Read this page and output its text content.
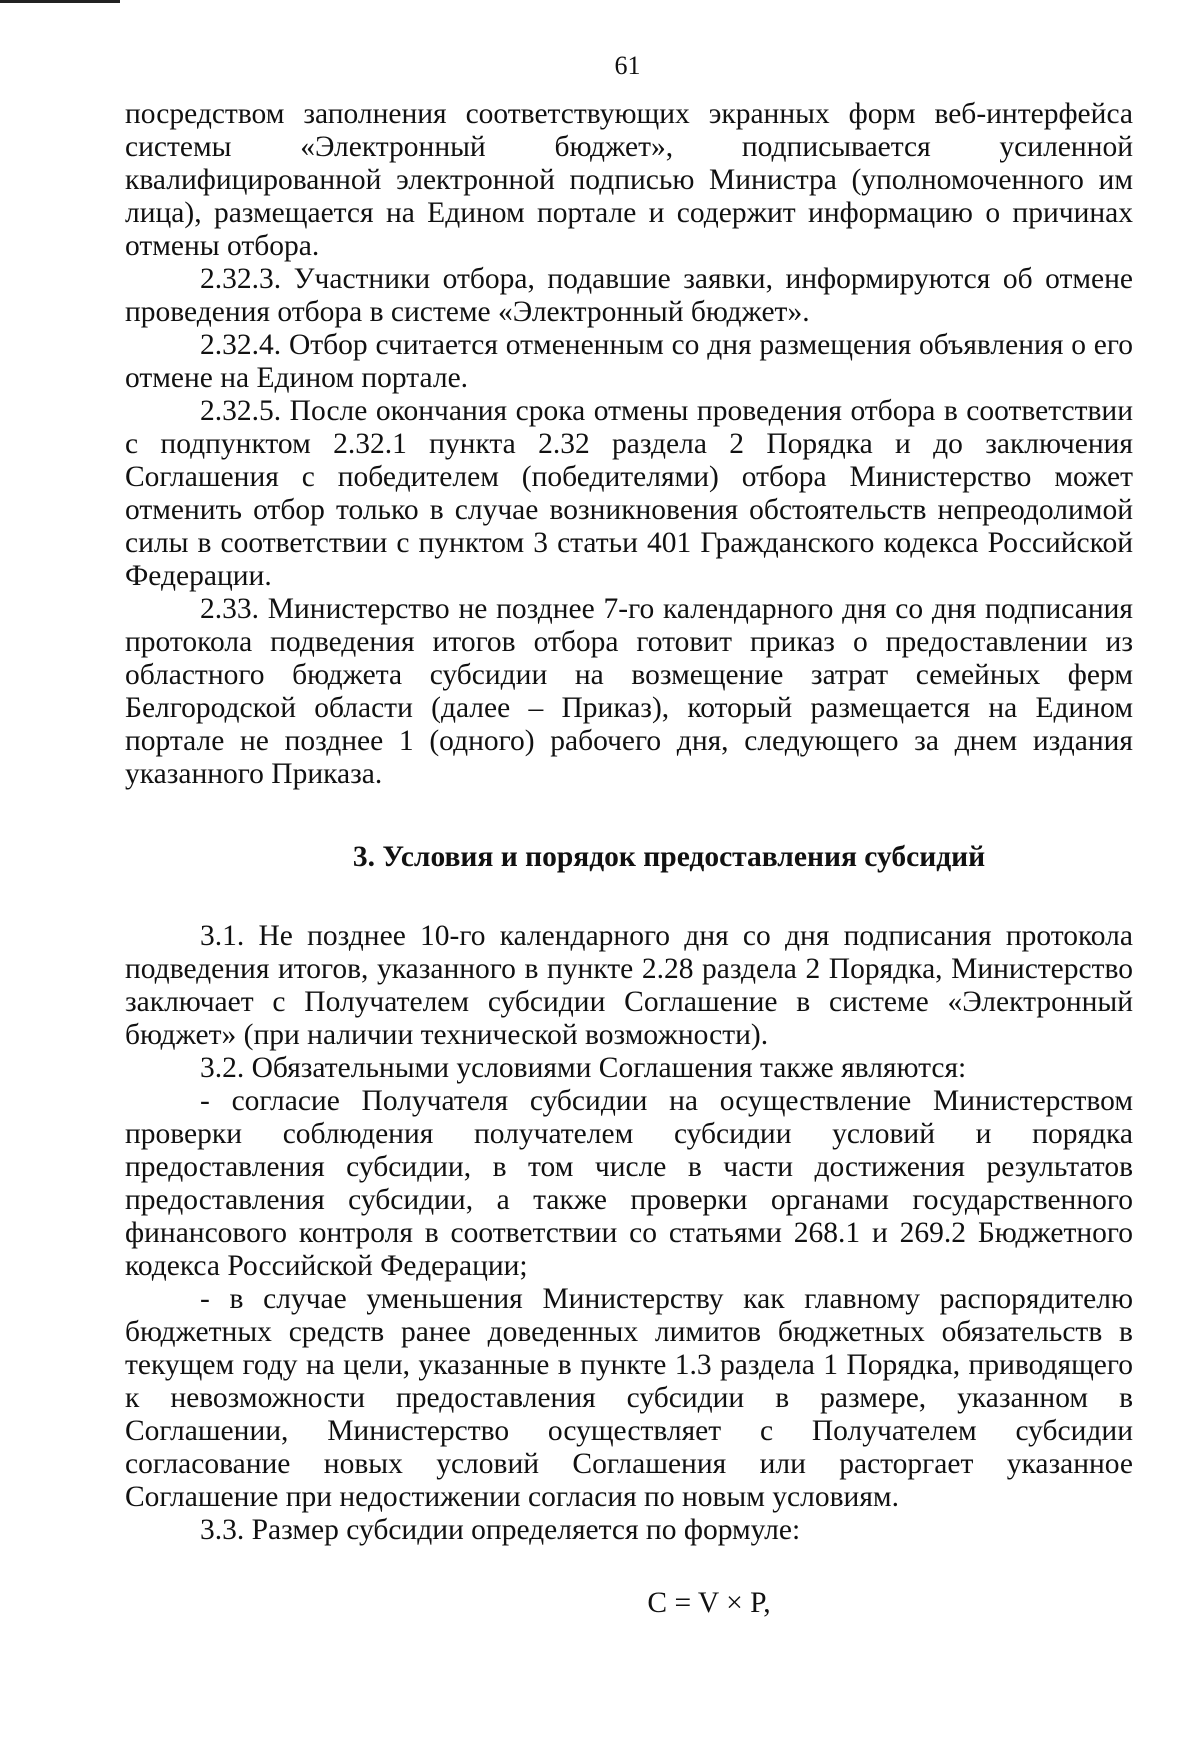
61

посредством заполнения соответствующих экранных форм веб-интерфейса системы «Электронный бюджет», подписывается усиленной квалифицированной электронной подписью Министра (уполномоченного им лица), размещается на Едином портале и содержит информацию о причинах отмены отбора.

2.32.3. Участники отбора, подавшие заявки, информируются об отмене проведения отбора в системе «Электронный бюджет».

2.32.4. Отбор считается отмененным со дня размещения объявления о его отмене на Едином портале.

2.32.5. После окончания срока отмены проведения отбора в соответствии с подпунктом 2.32.1 пункта 2.32 раздела 2 Порядка и до заключения Соглашения с победителем (победителями) отбора Министерство может отменить отбор только в случае возникновения обстоятельств непреодолимой силы в соответствии с пунктом 3 статьи 401 Гражданского кодекса Российской Федерации.

2.33. Министерство не позднее 7-го календарного дня со дня подписания протокола подведения итогов отбора готовит приказ о предоставлении из областного бюджета субсидии на возмещение затрат семейных ферм Белгородской области (далее – Приказ), который размещается на Едином портале не позднее 1 (одного) рабочего дня, следующего за днем издания указанного Приказа.

3. Условия и порядок предоставления субсидий

3.1. Не позднее 10-го календарного дня со дня подписания протокола подведения итогов, указанного в пункте 2.28 раздела 2 Порядка, Министерство заключает с Получателем субсидии Соглашение в системе «Электронный бюджет» (при наличии технической возможности).

3.2. Обязательными условиями Соглашения также являются:

- согласие Получателя субсидии на осуществление Министерством проверки соблюдения получателем субсидии условий и порядка предоставления субсидии, в том числе в части достижения результатов предоставления субсидии, а также проверки органами государственного финансового контроля в соответствии со статьями 268.1 и 269.2 Бюджетного кодекса Российской Федерации;

- в случае уменьшения Министерству как главному распорядителю бюджетных средств ранее доведенных лимитов бюджетных обязательств в текущем году на цели, указанные в пункте 1.3 раздела 1 Порядка, приводящего к невозможности предоставления субсидии в размере, указанном в Соглашении, Министерство осуществляет с Получателем субсидии согласование новых условий Соглашения или расторгает указанное Соглашение при недостижении согласия по новым условиям.

3.3. Размер субсидии определяется по формуле:

C = V × P,
